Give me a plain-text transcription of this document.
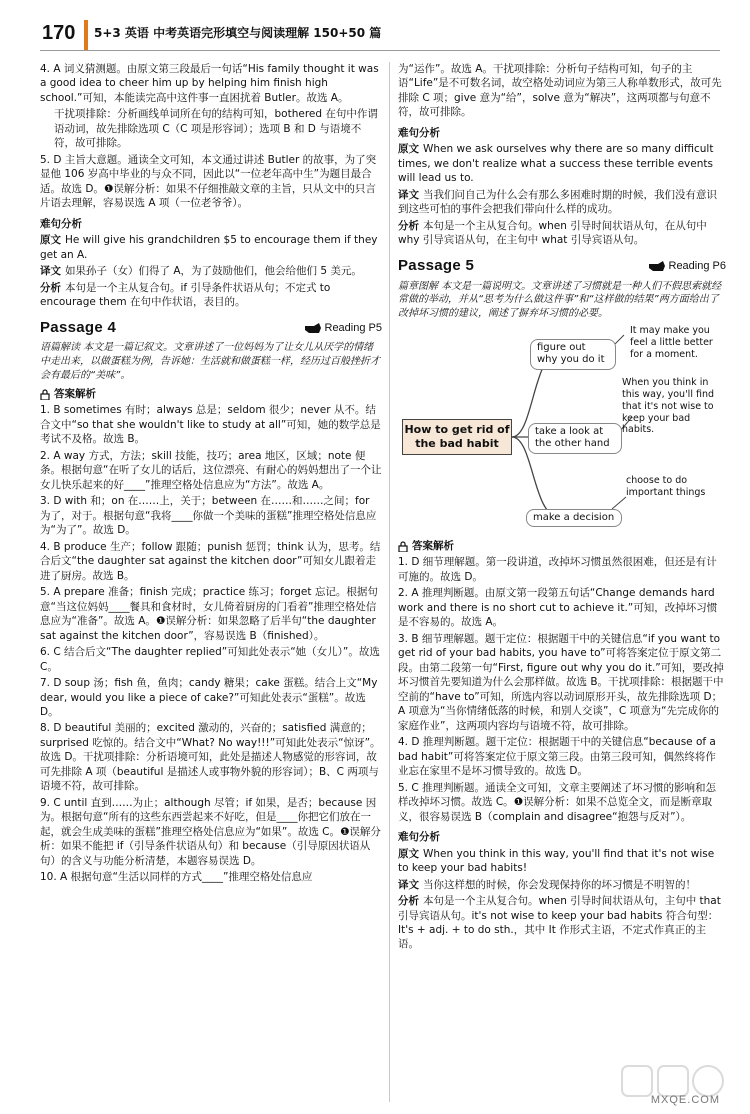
170 5+3 英语 中考英语完形填空与阅读理解 150+50 篇

4. A 词义猜测题。由原文第三段最后一句话“His family thought it was a good idea to cheer him up by helping him finish high school.”可知，本能读完高中这件事一直困扰着 Butler。故选 A。

干扰项排除：分析画线单词所在句的结构可知，bothered 在句中作谓语动词，故先排除选项 C（C 项是形容词）；选项 B 和 D 与语境不符，故可排除。

5. D 主旨大意题。通读全文可知，本文通过讲述 Butler 的故事，为了突显他 106 岁高中毕业的与众不同，因此以“一位老年高中生”为题目最合适。故选 D。❶误解分析：如果不仔细推敲文章的主旨，只从文中的只言片语去理解，容易误选 A 项（一位老爷爷）。

难句分析

原文 He will give his grandchildren $5 to encourage them if they get an A.

译文 如果孙子（女）们得了 A，为了鼓励他们，他会给他们 5 美元。

分析 本句是一个主从复合句。if 引导条件状语从句；不定式 to encourage them 在句中作状语，表目的。

Passage 4	Reading P5

语篇解读 本文是一篇记叙文。文章讲述了一位妈妈为了让女儿从厌学的情绪中走出来，以做蛋糕为例，告诉她：生活就和做蛋糕一样，经历过百般挫折才会有最后的“美味”。

答案解析

1. B sometimes 有时；always 总是；seldom 很少；never 从不。结合文中“so that she wouldn't like to study at all”可知，她的数学总是考试不及格。故选 B。

2. A way 方式，方法；skill 技能，技巧；area 地区，区域；note 便条。根据句意“在听了女儿的话后，这位漂亮、有耐心的妈妈想出了一个让女儿快乐起来的好____”推理空格处信息应为“方法”。故选 A。

3. D with 和；on 在……上，关于；between 在……和……之间；for 为了，对于。根据句意“我将____你做一个美味的蛋糕”推理空格处信息应为“为了”。故选 D。

4. B produce 生产；follow 跟随；punish 惩罚；think 认为，思考。结合后文“the daughter sat against the kitchen door”可知女儿跟着走进了厨房。故选 B。

5. A prepare 准备；finish 完成；practice 练习；forget 忘记。根据句意“当这位妈妈____餐具和食材时，女儿倚着厨房的门看着”推理空格处信息应为“准备”。故选 A。❶误解分析：如果忽略了后半句“the daughter sat against the kitchen door”，容易误选 B（finished）。

6. C 结合后文“The daughter replied”可知此处表示“她（女儿）”。故选 C。

7. D soup 汤；fish 鱼，鱼肉；candy 糖果；cake 蛋糕。结合上文“My dear, would you like a piece of cake?”可知此处表示“蛋糕”。故选 D。

8. D beautiful 美丽的；excited 激动的，兴奋的；satisfied 满意的；surprised 吃惊的。结合文中“What? No way!!!”可知此处表示“惊讶”。故选 D。干扰项排除：分析语境可知，此处是描述人物感觉的形容词，故可先排除 A 项（beautiful 是描述人或事物外貌的形容词）；B、C 两项与语境不符，故可排除。

9. C until 直到……为止；although 尽管；if 如果，是否；because 因为。根据句意“所有的这些东西尝起来不好吃，但是____你把它们放在一起，就会生成美味的蛋糕”推理空格处信息应为“如果”。故选 C。❶误解分析：如果不能把 if（引导条件状语从句）和 because（引导原因状语从句）的含义与功能分析清楚，本题容易误选 D。

10. A 根据句意“生活以同样的方式____”推理空格处信息应

为“运作”。故选 A。干扰项排除：分析句子结构可知，句子的主语“Life”是不可数名词，故空格处动词应为第三人称单数形式，故可先排除 C 项；give 意为“给”，solve 意为“解决”，这两项都与句意不符，故可排除。

难句分析

原文 When we ask ourselves why there are so many difficult times, we don't realize what a success these terrible events will lead us to.

译文 当我们问自己为什么会有那么多困难时期的时候，我们没有意识到这些可怕的事件会把我们带向什么样的成功。

分析 本句是一个主从复合句。when 引导时间状语从句，在从句中 why 引导宾语从句，在主句中 what 引导宾语从句。

Passage 5	Reading P6

篇章图解 本文是一篇说明文。文章讲述了习惯就是一种人们不假思索就经常做的举动，并从“思考为什么做这件事”和“这样做的结果”两方面给出了改掉坏习惯的建议，阐述了摒弃坏习惯的必要。

How to get rid of the bad habit
figure out why you do it
It may make you feel a little better for a moment.
take a look at the other hand
When you think in this way, you'll find that it's not wise to keep your bad habits.
make a decision
choose to do important things
答案解析

1. D 细节理解题。第一段讲道，改掉坏习惯虽然很困难，但还是有计可施的。故选 D。

2. A 推理判断题。由原文第一段第五句话“Change demands hard work and there is no short cut to achieve it.”可知，改掉坏习惯是不容易的。故选 A。

3. B 细节理解题。题干定位：根据题干中的关键信息“if you want to get rid of your bad habits, you have to”可将答案定位于原文第二段。由第二段第一句“First, figure out why you do it.”可知，要改掉坏习惯首先要知道为什么会那样做。故选 B。干扰项排除：根据题干中空前的“have to”可知，所选内容以动词原形开头，故先排除选项 D；A 项意为“当你情绪低落的时候，和别人交谈”，C 项意为“先完成你的家庭作业”，这两项内容均与语境不符，故可排除。

4. D 推理判断题。题干定位：根据题干中的关键信息“because of a bad habit”可将答案定位于原文第三段。由第三段可知，偶然终将作业忘在家里不是坏习惯导致的。故选 D。

5. C 推理判断题。通读全文可知，文章主要阐述了坏习惯的影响和怎样改掉坏习惯。故选 C。❶误解分析：如果不总览全文，而是断章取义，很容易误选 B（complain and disagree“抱怨与反对”）。

难句分析

原文 When you think in this way, you'll find that it's not wise to keep your bad habits!

译文 当你这样想的时候，你会发现保持你的坏习惯是不明智的！

分析 本句是一个主从复合句。when 引导时间状语从句，主句中 that 引导宾语从句。it's not wise to keep your bad habits 符合句型：It's + adj. + to do sth.，其中 It 作形式主语，不定式作真正的主语。

MXQE.COM
